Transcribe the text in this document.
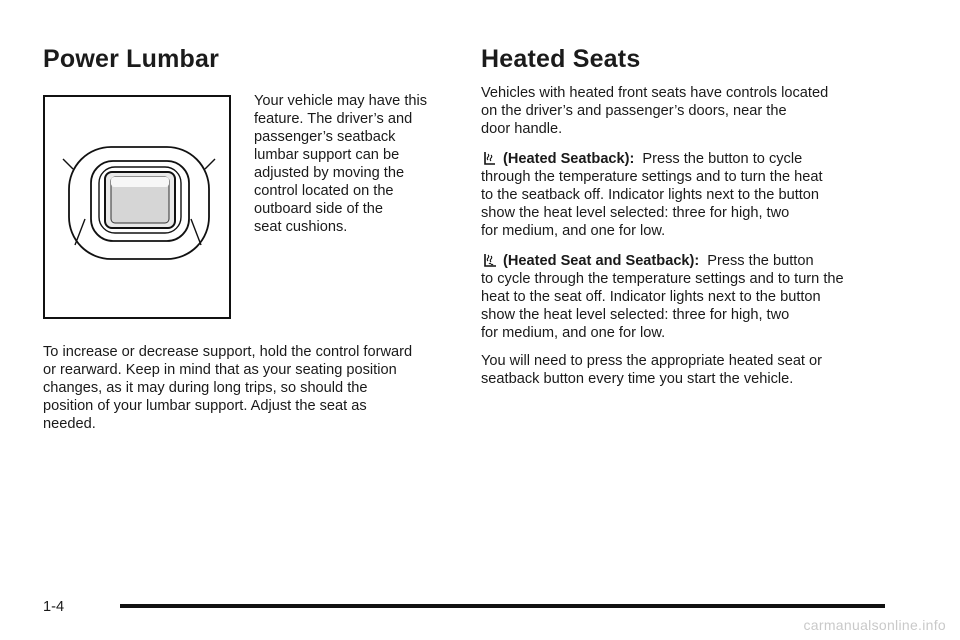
Power Lumbar
Your vehicle may have this
feature. The driver’s and
passenger’s seatback
lumbar support can be
adjusted by moving the
control located on the
outboard side of the
seat cushions.
To increase or decrease support, hold the control forward
or rearward. Keep in mind that as your seating position
changes, as it may during long trips, so should the
position of your lumbar support. Adjust the seat as
needed.
Heated Seats
Vehicles with heated front seats have controls located
on the driver’s and passenger’s doors, near the
door handle.
(Heated Seatback): Press the button to cycle
through the temperature settings and to turn the heat
to the seatback off. Indicator lights next to the button
show the heat level selected: three for high, two
for medium, and one for low.
(Heated Seat and Seatback): Press the button
to cycle through the temperature settings and to turn the
heat to the seat off. Indicator lights next to the button
show the heat level selected: three for high, two
for medium, and one for low.
You will need to press the appropriate heated seat or
seatback button every time you start the vehicle.
1-4
carmanualsonline.info
